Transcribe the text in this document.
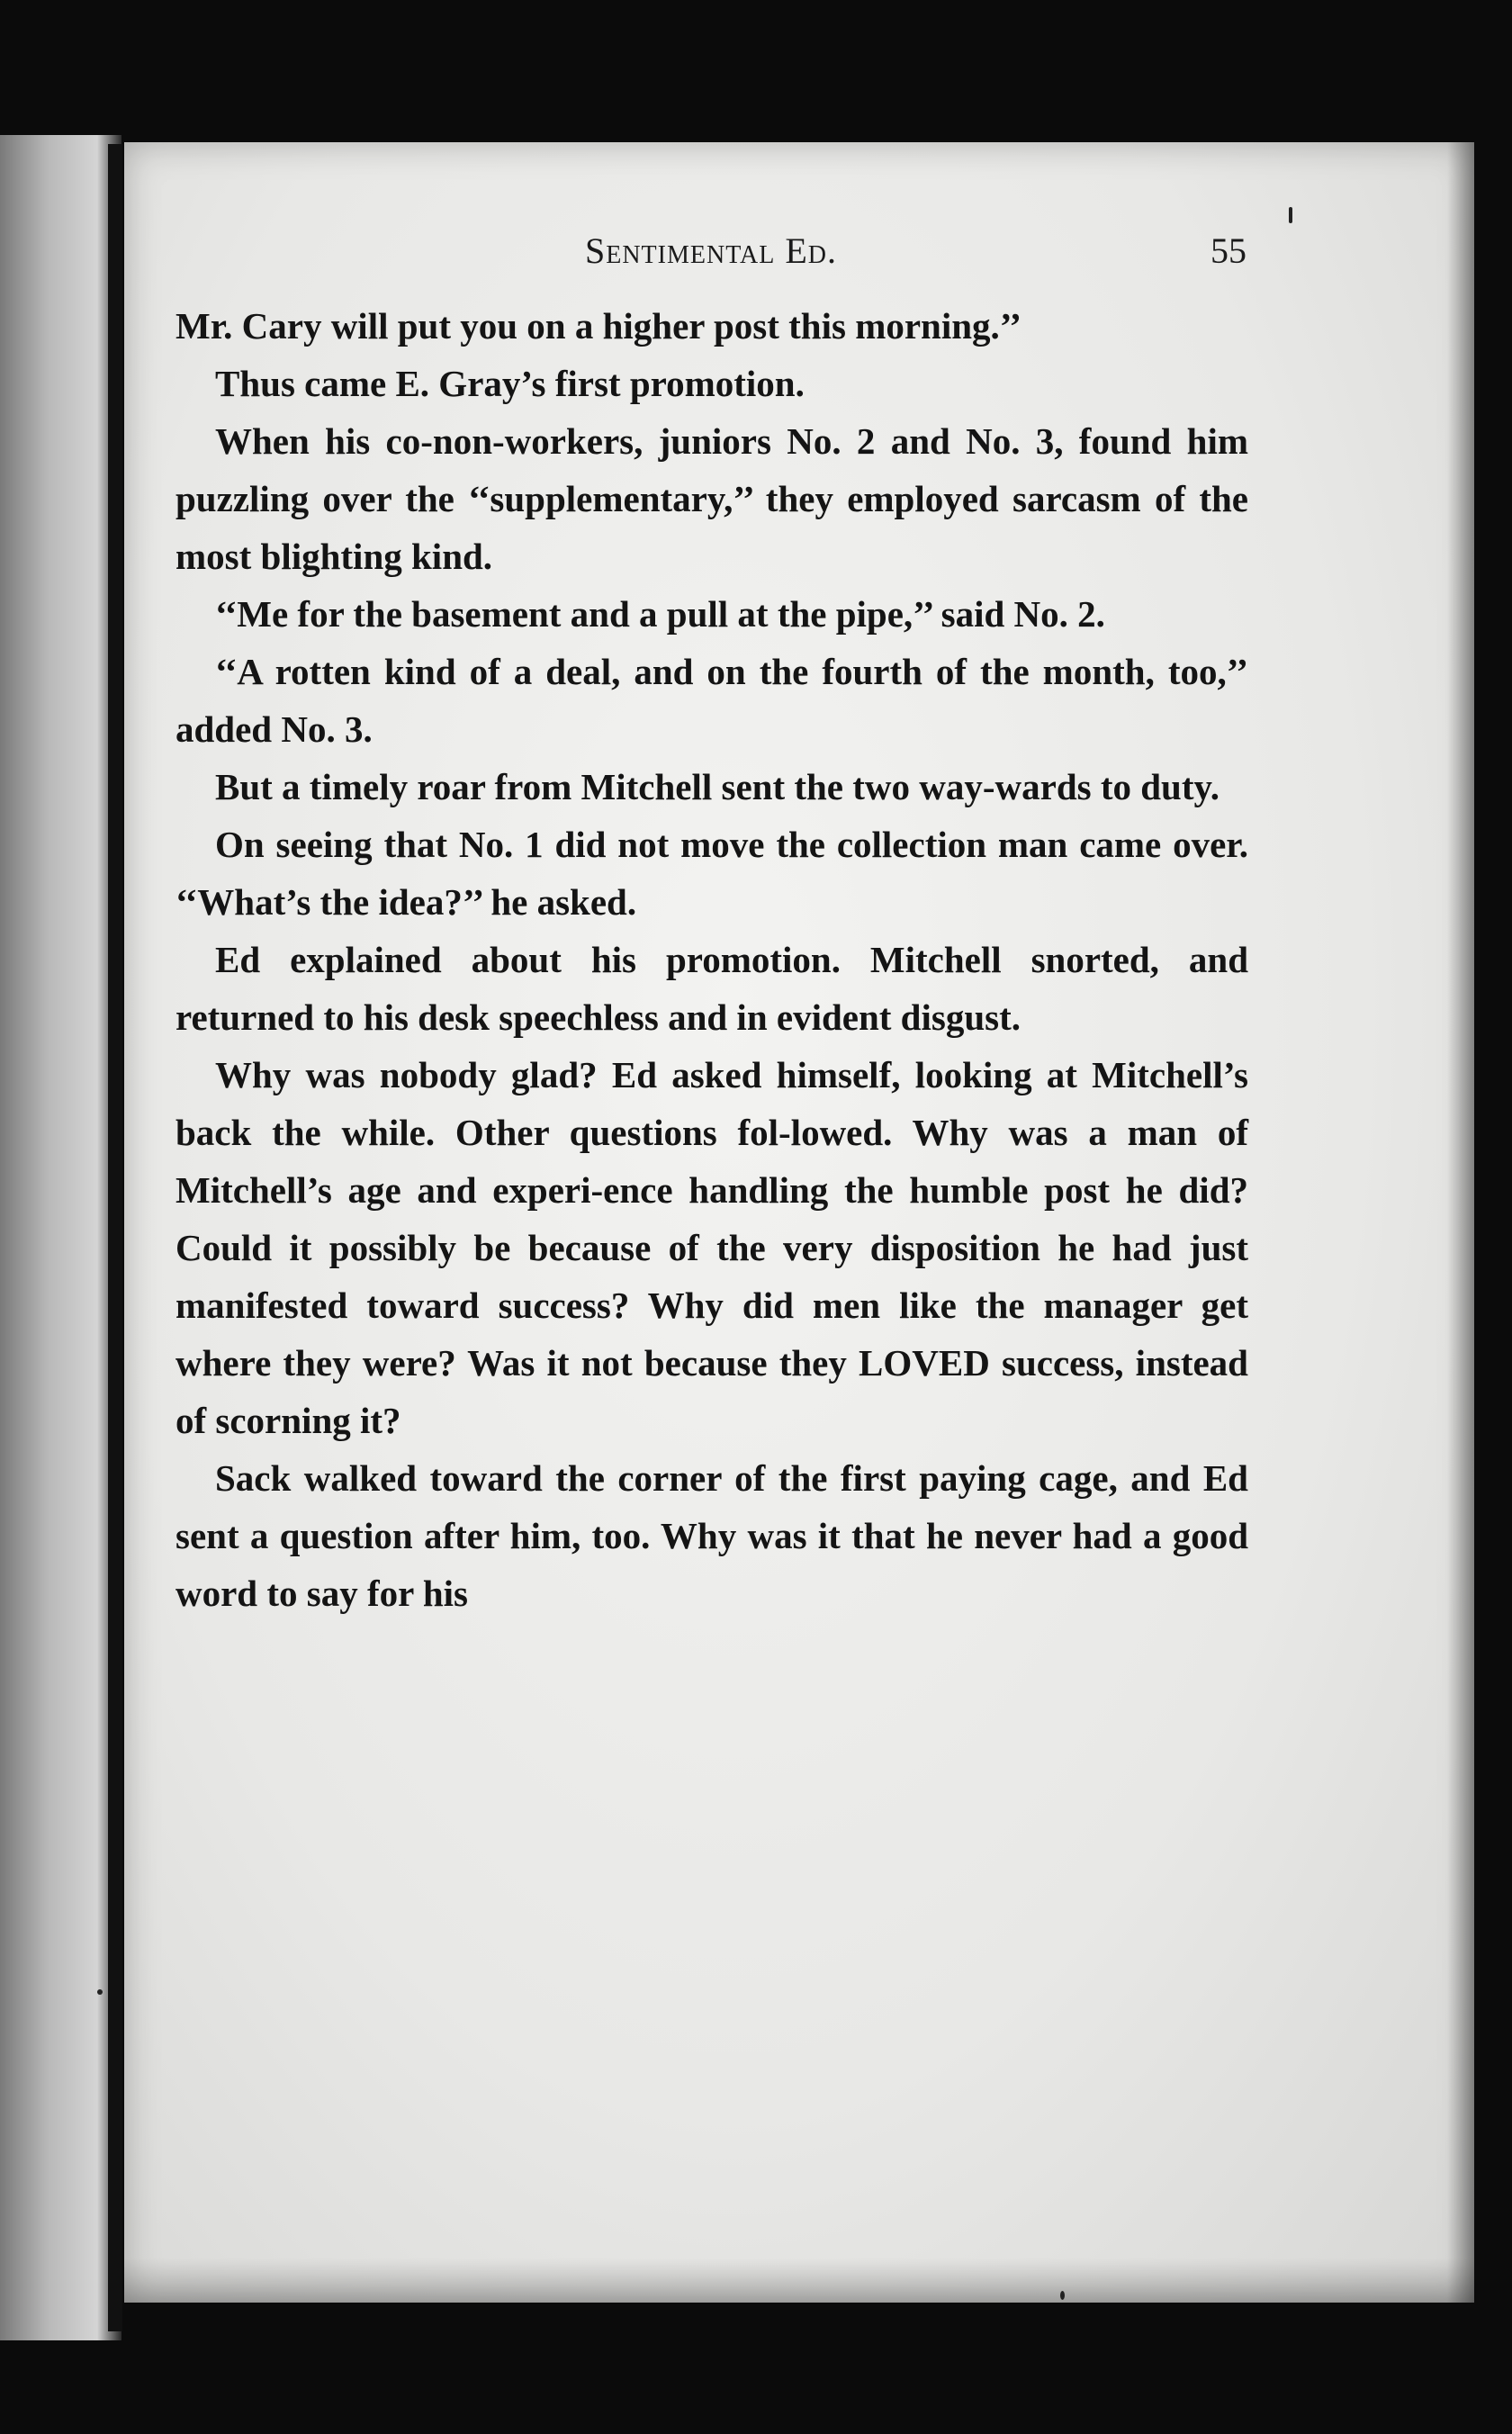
Sentimental Ed.	55

Mr. Cary will put you on a higher post this morning.’’

Thus came E. Gray’s first promotion.

When his co-non-workers, juniors No. 2 and No. 3, found him puzzling over the ‘‘supplementary,’’ they employed sarcasm of the most blighting kind.

‘‘Me for the basement and a pull at the pipe,’’ said No. 2.

‘‘A rotten kind of a deal, and on the fourth of the month, too,’’ added No. 3.

But a timely roar from Mitchell sent the two way-wards to duty.

On seeing that No. 1 did not move the collection man came over. ‘‘What’s the idea?’’ he asked.

Ed explained about his promotion. Mitchell snorted, and returned to his desk speechless and in evident disgust.

Why was nobody glad? Ed asked himself, looking at Mitchell’s back the while. Other questions fol-lowed. Why was a man of Mitchell’s age and experi-ence handling the humble post he did? Could it possibly be because of the very disposition he had just manifested toward success? Why did men like the manager get where they were? Was it not because they LOVED success, instead of scorning it?

Sack walked toward the corner of the first paying cage, and Ed sent a question after him, too. Why was it that he never had a good word to say for his
